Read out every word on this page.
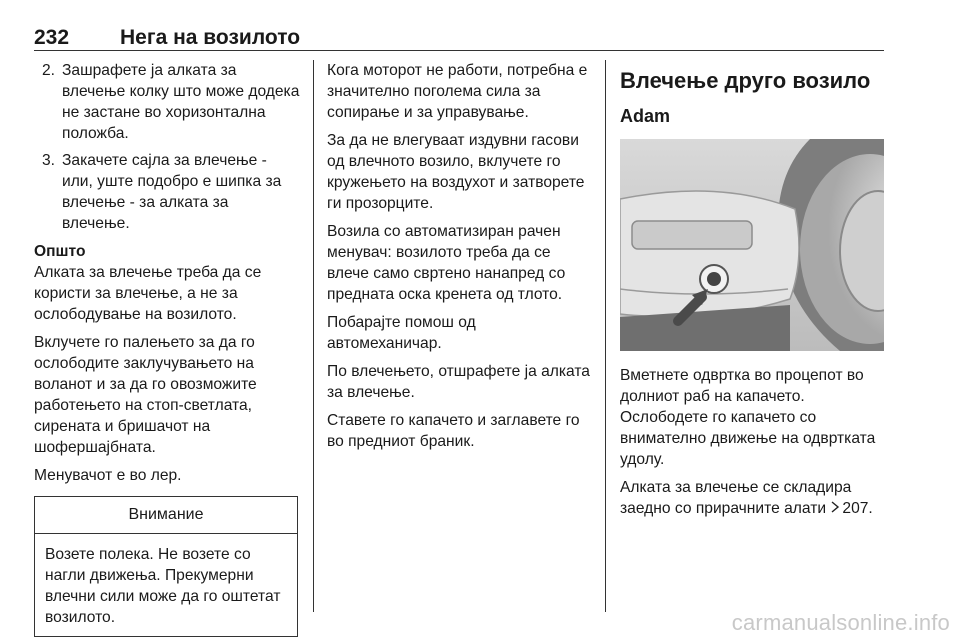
232 Нега на возилото
2. Зашрафете ја алката за влечење колку што може додека не застане во хоризонтална положба.
3. Закачете сајла за влечење - или, уште подобро е шипка за влечење - за алката за влечење.

Општо

Алката за влечење треба да се користи за влечење, а не за ослободување на возилото.

Вклучете го палењето за да го ослободите заклучувањето на воланот и за да го овозможите работењето на стоп-светлата, сирената и бришачот на шофершајбната.

Менувачот е во лер.

Внимание
Возете полека. Не возете со нагли движења. Прекумерни влечни сили може да го оштетат возилото.

Кога моторот не работи, потребна е значително поголема сила за сопирање и за управување.

За да не влегуваат издувни гасови од влечното возило, вклучете го кружењето на воздухот и затворете ги прозорците.

Возила со автоматизиран рачен менувач: возилото треба да се влече само свртено нанапред со предната оска кренета од тлото.

Побарајте помош од автомеханичар.

По влечењето, отшрафете ја алката за влечење.

Ставете го капачето и заглавете го во предниот браник.

Влечење друго возило
Adam

Вметнете одвртка во процепот во долниот раб на капачето.

Ослободете го капачето со внимателно движење на одвртката удолу.

Алката за влечење се складира заедно со прирачните алати 207.

carmanualsonline.info
